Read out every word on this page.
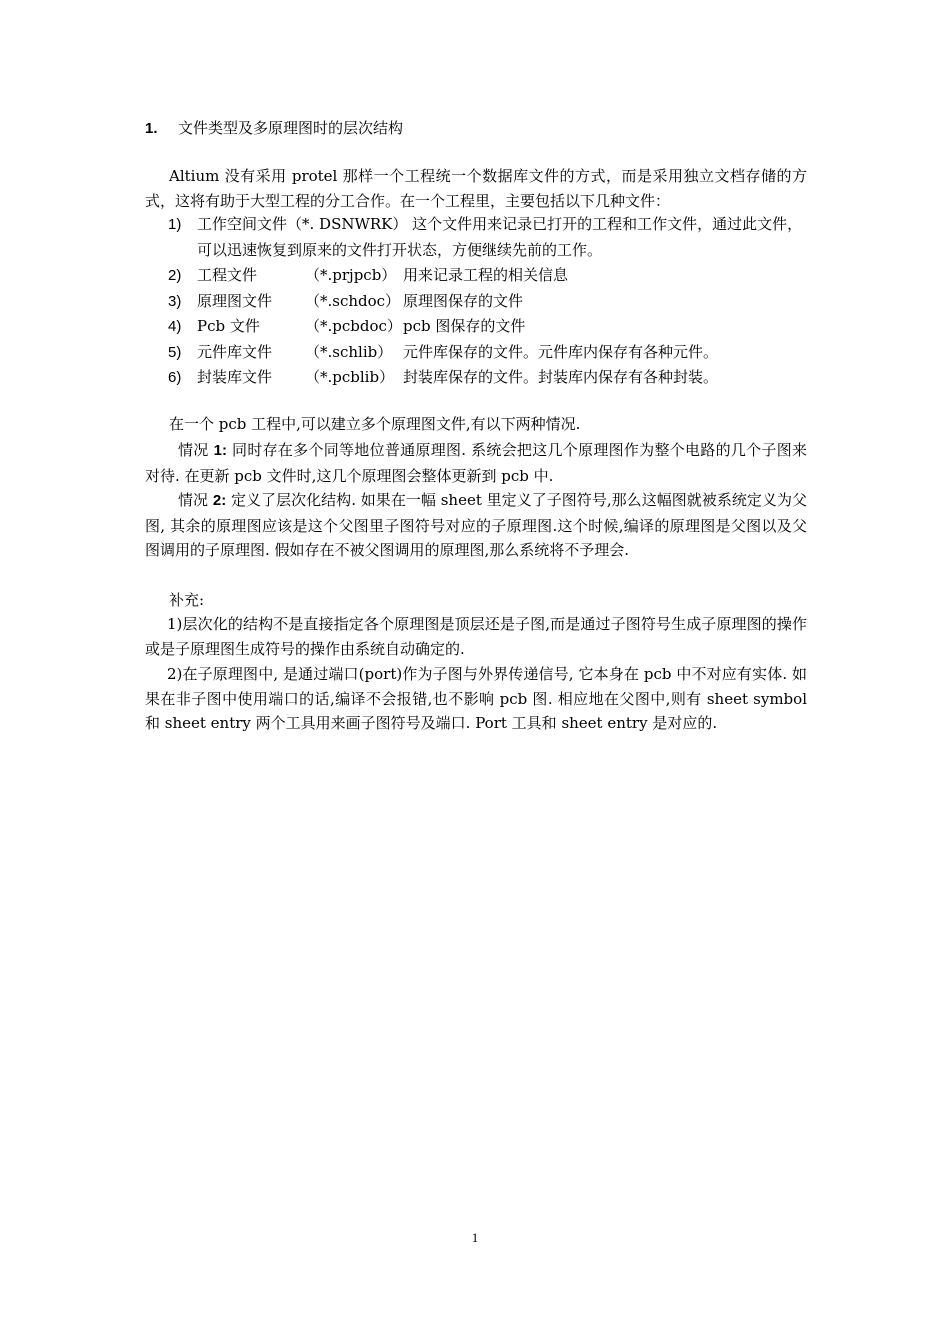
1. 文件类型及多原理图时的层次结构
Altium 没有采用 protel 那样一个工程统一个数据库文件的方式，而是采用独立文档存储的方式，这将有助于大型工程的分工合作。在一个工程里，主要包括以下几种文件：
1) 工作空间文件（*. DSNWRK） 这个文件用来记录已打开的工程和工作文件，通过此文件，可以迅速恢复到原来的文件打开状态，方便继续先前的工作。
2) 工程文件	（*.prjpcb） 用来记录工程的相关信息
3) 原理图文件 （*.schdoc） 原理图保存的文件
4) Pcb 文件	（*.pcbdoc）pcb 图保存的文件
5) 元件库文件 （*.schlib） 元件库保存的文件。元件库内保存有各种元件。
6) 封装库文件 （*.pcblib） 封装库保存的文件。封装库内保存有各种封装。
在一个 pcb 工程中,可以建立多个原理图文件,有以下两种情况.
情况 1: 同时存在多个同等地位普通原理图. 系统会把这几个原理图作为整个电路的几个子图来对待. 在更新 pcb 文件时,这几个原理图会整体更新到 pcb 中.
情况 2: 定义了层次化结构. 如果在一幅 sheet 里定义了子图符号,那么这幅图就被系统定义为父图, 其余的原理图应该是这个父图里子图符号对应的子原理图.这个时候,编译的原理图是父图以及父图调用的子原理图. 假如存在不被父图调用的原理图,那么系统将不予理会.
补充:
1)层次化的结构不是直接指定各个原理图是顶层还是子图,而是通过子图符号生成子原理图的操作或是子原理图生成符号的操作由系统自动确定的.
2)在子原理图中, 是通过端口(port)作为子图与外界传递信号, 它本身在 pcb 中不对应有实体. 如果在非子图中使用端口的话,编译不会报错,也不影响 pcb 图. 相应地在父图中,则有 sheet symbol 和 sheet entry 两个工具用来画子图符号及端口. Port 工具和 sheet entry 是对应的.
1
